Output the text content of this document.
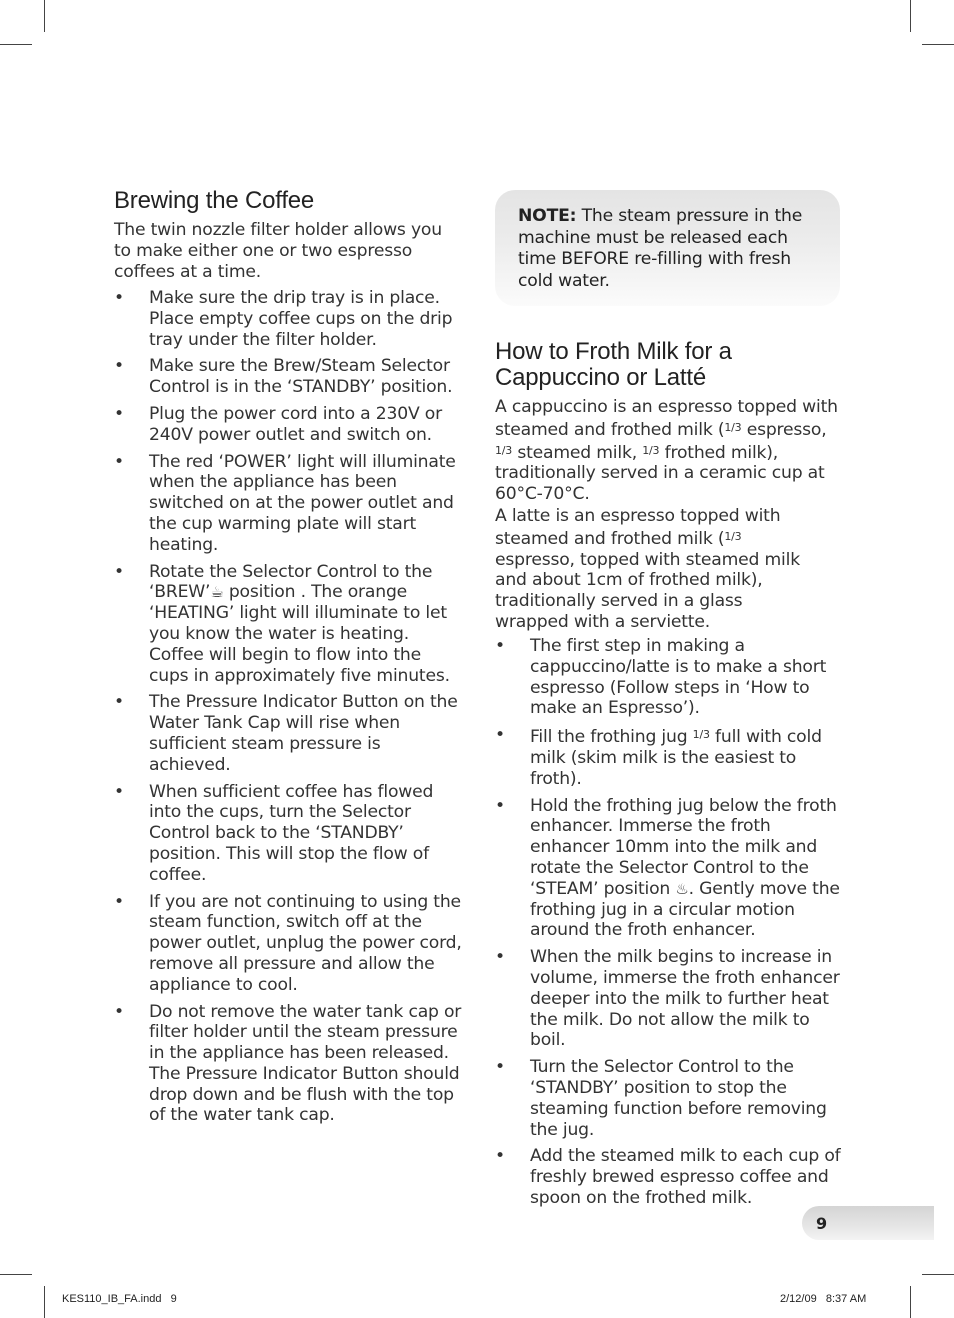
Brewing the Coffee

The twin nozzle filter holder allows you to make either one or two espresso coffees at a time.

• Make sure the drip tray is in place. Place empty coffee cups on the drip tray under the filter holder.
• Make sure the Brew/Steam Selector Control is in the ‘STANDBY’ position.
• Plug the power cord into a 230V or 240V power outlet and switch on.
• The red ‘POWER’ light will illuminate when the appliance has been switched on at the power outlet and the cup warming plate will start heating.
• Rotate the Selector Control to the ‘BREW’☕ position . The orange ‘HEATING’ light will illuminate to let you know the water is heating. Coffee will begin to flow into the cups in approximately five minutes.
• The Pressure Indicator Button on the Water Tank Cap will rise when sufficient steam pressure is achieved.
• When sufficient coffee has flowed into the cups, turn the Selector Control back to the ‘STANDBY’ position. This will stop the flow of coffee.
• If you are not continuing to using the steam function, switch off at the power outlet, unplug the power cord, remove all pressure and allow the appliance to cool.
• Do not remove the water tank cap or filter holder until the steam pressure in the appliance has been released. The Pressure Indicator Button should drop down and be flush with the top of the water tank cap.
NOTE: The steam pressure in the machine must be released each time BEFORE re-filling with fresh cold water.
How to Froth Milk for a Cappuccino or Latté

A cappuccino is an espresso topped with steamed and frothed milk ($^{1/3}$ espresso, $^{1/3}$ steamed milk, $^{1/3}$ frothed milk), traditionally served in a ceramic cup at 60°C-70°C.

A latte is an espresso topped with steamed and frothed milk ($^{1/3}$ espresso, topped with steamed milk and about 1cm of frothed milk), traditionally served in a glass wrapped with a serviette.

• The first step in making a cappuccino/latte is to make a short espresso (Follow steps in ‘How to make an Espresso’).
• Fill the frothing jug $^{1/3}$ full with cold milk (skim milk is the easiest to froth).
• Hold the frothing jug below the froth enhancer. Immerse the froth enhancer 10mm into the milk and rotate the Selector Control to the ‘STEAM’ position ♨. Gently move the frothing jug in a circular motion around the froth enhancer.
• When the milk begins to increase in volume, immerse the froth enhancer deeper into the milk to further heat the milk. Do not allow the milk to boil.
• Turn the Selector Control to the ‘STANDBY’ position to stop the steaming function before removing the jug.
• Add the steamed milk to each cup of freshly brewed espresso coffee and spoon on the frothed milk.
9
KES110_IB_FA.indd   9	2/12/09   8:37 AM
